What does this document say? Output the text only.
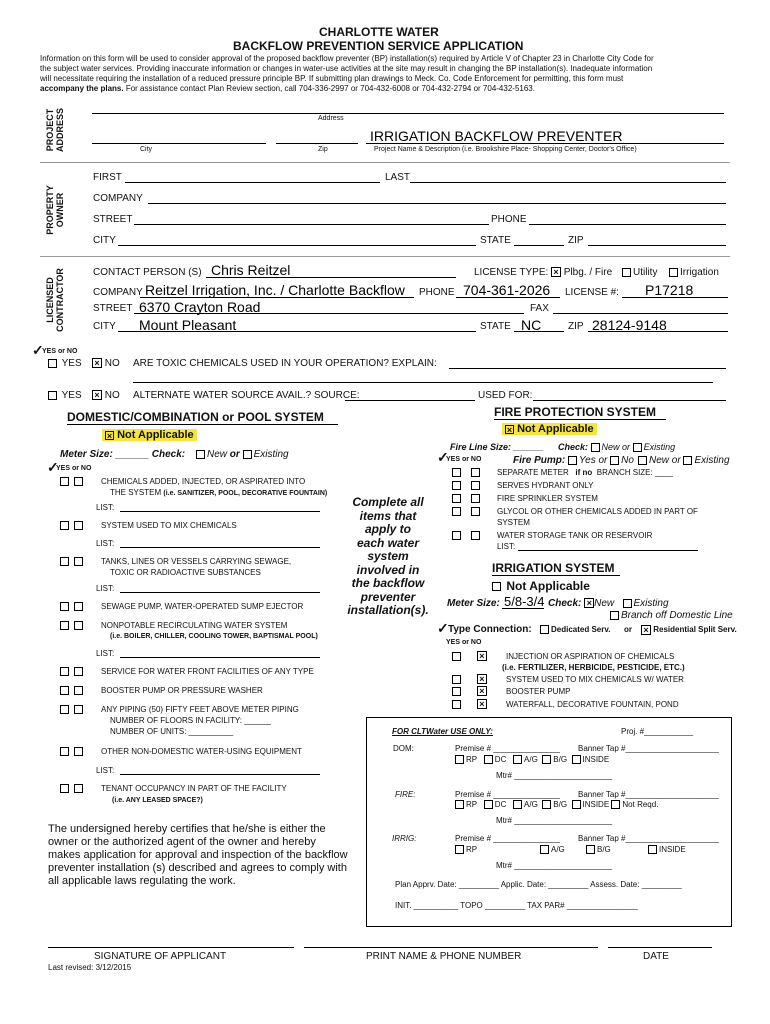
CHARLOTTE WATER
BACKFLOW PREVENTION SERVICE APPLICATION
Information on this form will be used to consider approval of the proposed backflow preventer (BP) installation(s) required by Article V of Chapter 23 in Charlotte City Code for
the subject water services. Providing inaccurate information or changes in water-use activities at the site may result in changing the BP installation(s). Inadequate information
will necessitate requiring the installation of a reduced pressure principle BP. If submitting plan drawings to Meck. Co. Code Enforcement for permitting, this form must
accompany the plans. For assistance contact Plan Review section, call 704-336-2997 or 704-432-6008 or 704-432-2794 or 704-432-5163.
PROJECT ADDRESS	Address
City	Zip
IRRIGATION BACKFLOW PREVENTER
Project Name & Description (i.e. Brookshire Place- Shopping Center, Doctor's Office)
PROPERTY OWNER
FIRST	LAST
COMPANY
STREET	PHONE
CITY	STATE	ZIP
LICENSED CONTRACTOR	CONTACT PERSON (S) Chris Reitzel	LICENSE TYPE: × Plbg. / Fire	Utility	Irrigation
COMPANY Reitzel Irrigation, Inc. / Charlotte Backflow PHONE 704-361-2026 LICENSE #: P17218
STREET 6370 Crayton Road	FAX
CITY Mount Pleasant	STATE NC	ZIP 28124-9148
✓
YES or NO
YES × NO ARE TOXIC CHEMICALS USED IN YOUR OPERATION? EXPLAIN:
YES × NO ALTERNATE WATER SOURCE AVAIL.? SOURCE:	USED FOR:
DOMESTIC/COMBINATION or POOL SYSTEM
× Not Applicable
Meter Size: ______ Check:	New or Existing
✓
YES or NO

CHEMICALS ADDED, INJECTED, OR ASPIRATED INTO
THE SYSTEM (i.e. SANITIZER, POOL, DECORATIVE FOUNTAIN)
LIST:

SYSTEM USED TO MIX CHEMICALS
LIST:

TANKS, LINES OR VESSELS CARRYING SEWAGE,
TOXIC OR RADIOACTIVE SUBSTANCES
LIST:

SEWAGE PUMP, WATER-OPERATED SUMP EJECTOR

NONPOTABLE RECIRCULATING WATER SYSTEM
(i.e. BOILER, CHILLER, COOLING TOWER, BAPTISMAL POOL)
LIST:

SERVICE FOR WATER FRONT FACILITIES OF ANY TYPE

BOOSTER PUMP OR PRESSURE WASHER

ANY PIPING (50) FIFTY FEET ABOVE METER PIPING
NUMBER OF FLOORS IN FACILITY: ______
NUMBER OF UNITS: __________

OTHER NON-DOMESTIC WATER-USING EQUIPMENT
LIST:

TENANT OCCUPANCY IN PART OF THE FACILITY
(i.e. ANY LEASED SPACE?)
Complete all
items that
apply to
each water
system
involved in
the backflow
preventer
installation(s).
FIRE PROTECTION SYSTEM
× Not Applicable
Fire Line Size: ______ Check: New or Existing
✓
YES or NO	Fire Pump: Yes or No	New or Existing

SEPARATE METER if no BRANCH SIZE: ____

SERVES HYDRANT ONLY

FIRE SPRINKLER SYSTEM

GLYCOL OR OTHER CHEMICALS ADDED IN PART OF
SYSTEM

WATER STORAGE TANK OR RESERVOIR
LIST:
IRRIGATION SYSTEM
Not Applicable
Meter Size: 5/8-3/4 Check: × New Existing
Branch off Domestic Line
✓ Type Connection:	Dedicated Serv. or × Residential Split Serv.
YES or NO
×	INJECTION OR ASPIRATION OF CHEMICALS
(i.e. FERTILIZER, HERBICIDE, PESTICIDE, ETC.)
×	SYSTEM USED TO MIX CHEMICALS W/ WATER
×	BOOSTER PUMP
×	WATERFALL, DECORATIVE FOUNTAIN, POND
FOR CLTWater USE ONLY:	Proj. #___________
DOM:	Premise # _______________ Banner Tap #_____________________
RP DC A/G B/G INSIDE
Mtr# ______________________
FIRE:	Premise # _______________ Banner Tap #_____________________
RP DC A/G B/G INSIDE Not Reqd.
Mtr# ______________________
IRRIG:	Premise # _______________ Banner Tap #_____________________
RP	A/G	B/G	INSIDE
Mtr# ______________________
Plan Apprv. Date: _________ Applic. Date: _________ Assess. Date: _________
INIT. __________ TOPO _________ TAX PAR# ________________
The undersigned hereby certifies that he/she is either the
owner or the authorized agent of the owner and hereby
makes application for approval and inspection of the backflow
preventer installation (s) described and agrees to comply with
all applicable laws regulating the work.
SIGNATURE OF APPLICANT	PRINT NAME & PHONE NUMBER	DATE
Last revised: 3/12/2015
